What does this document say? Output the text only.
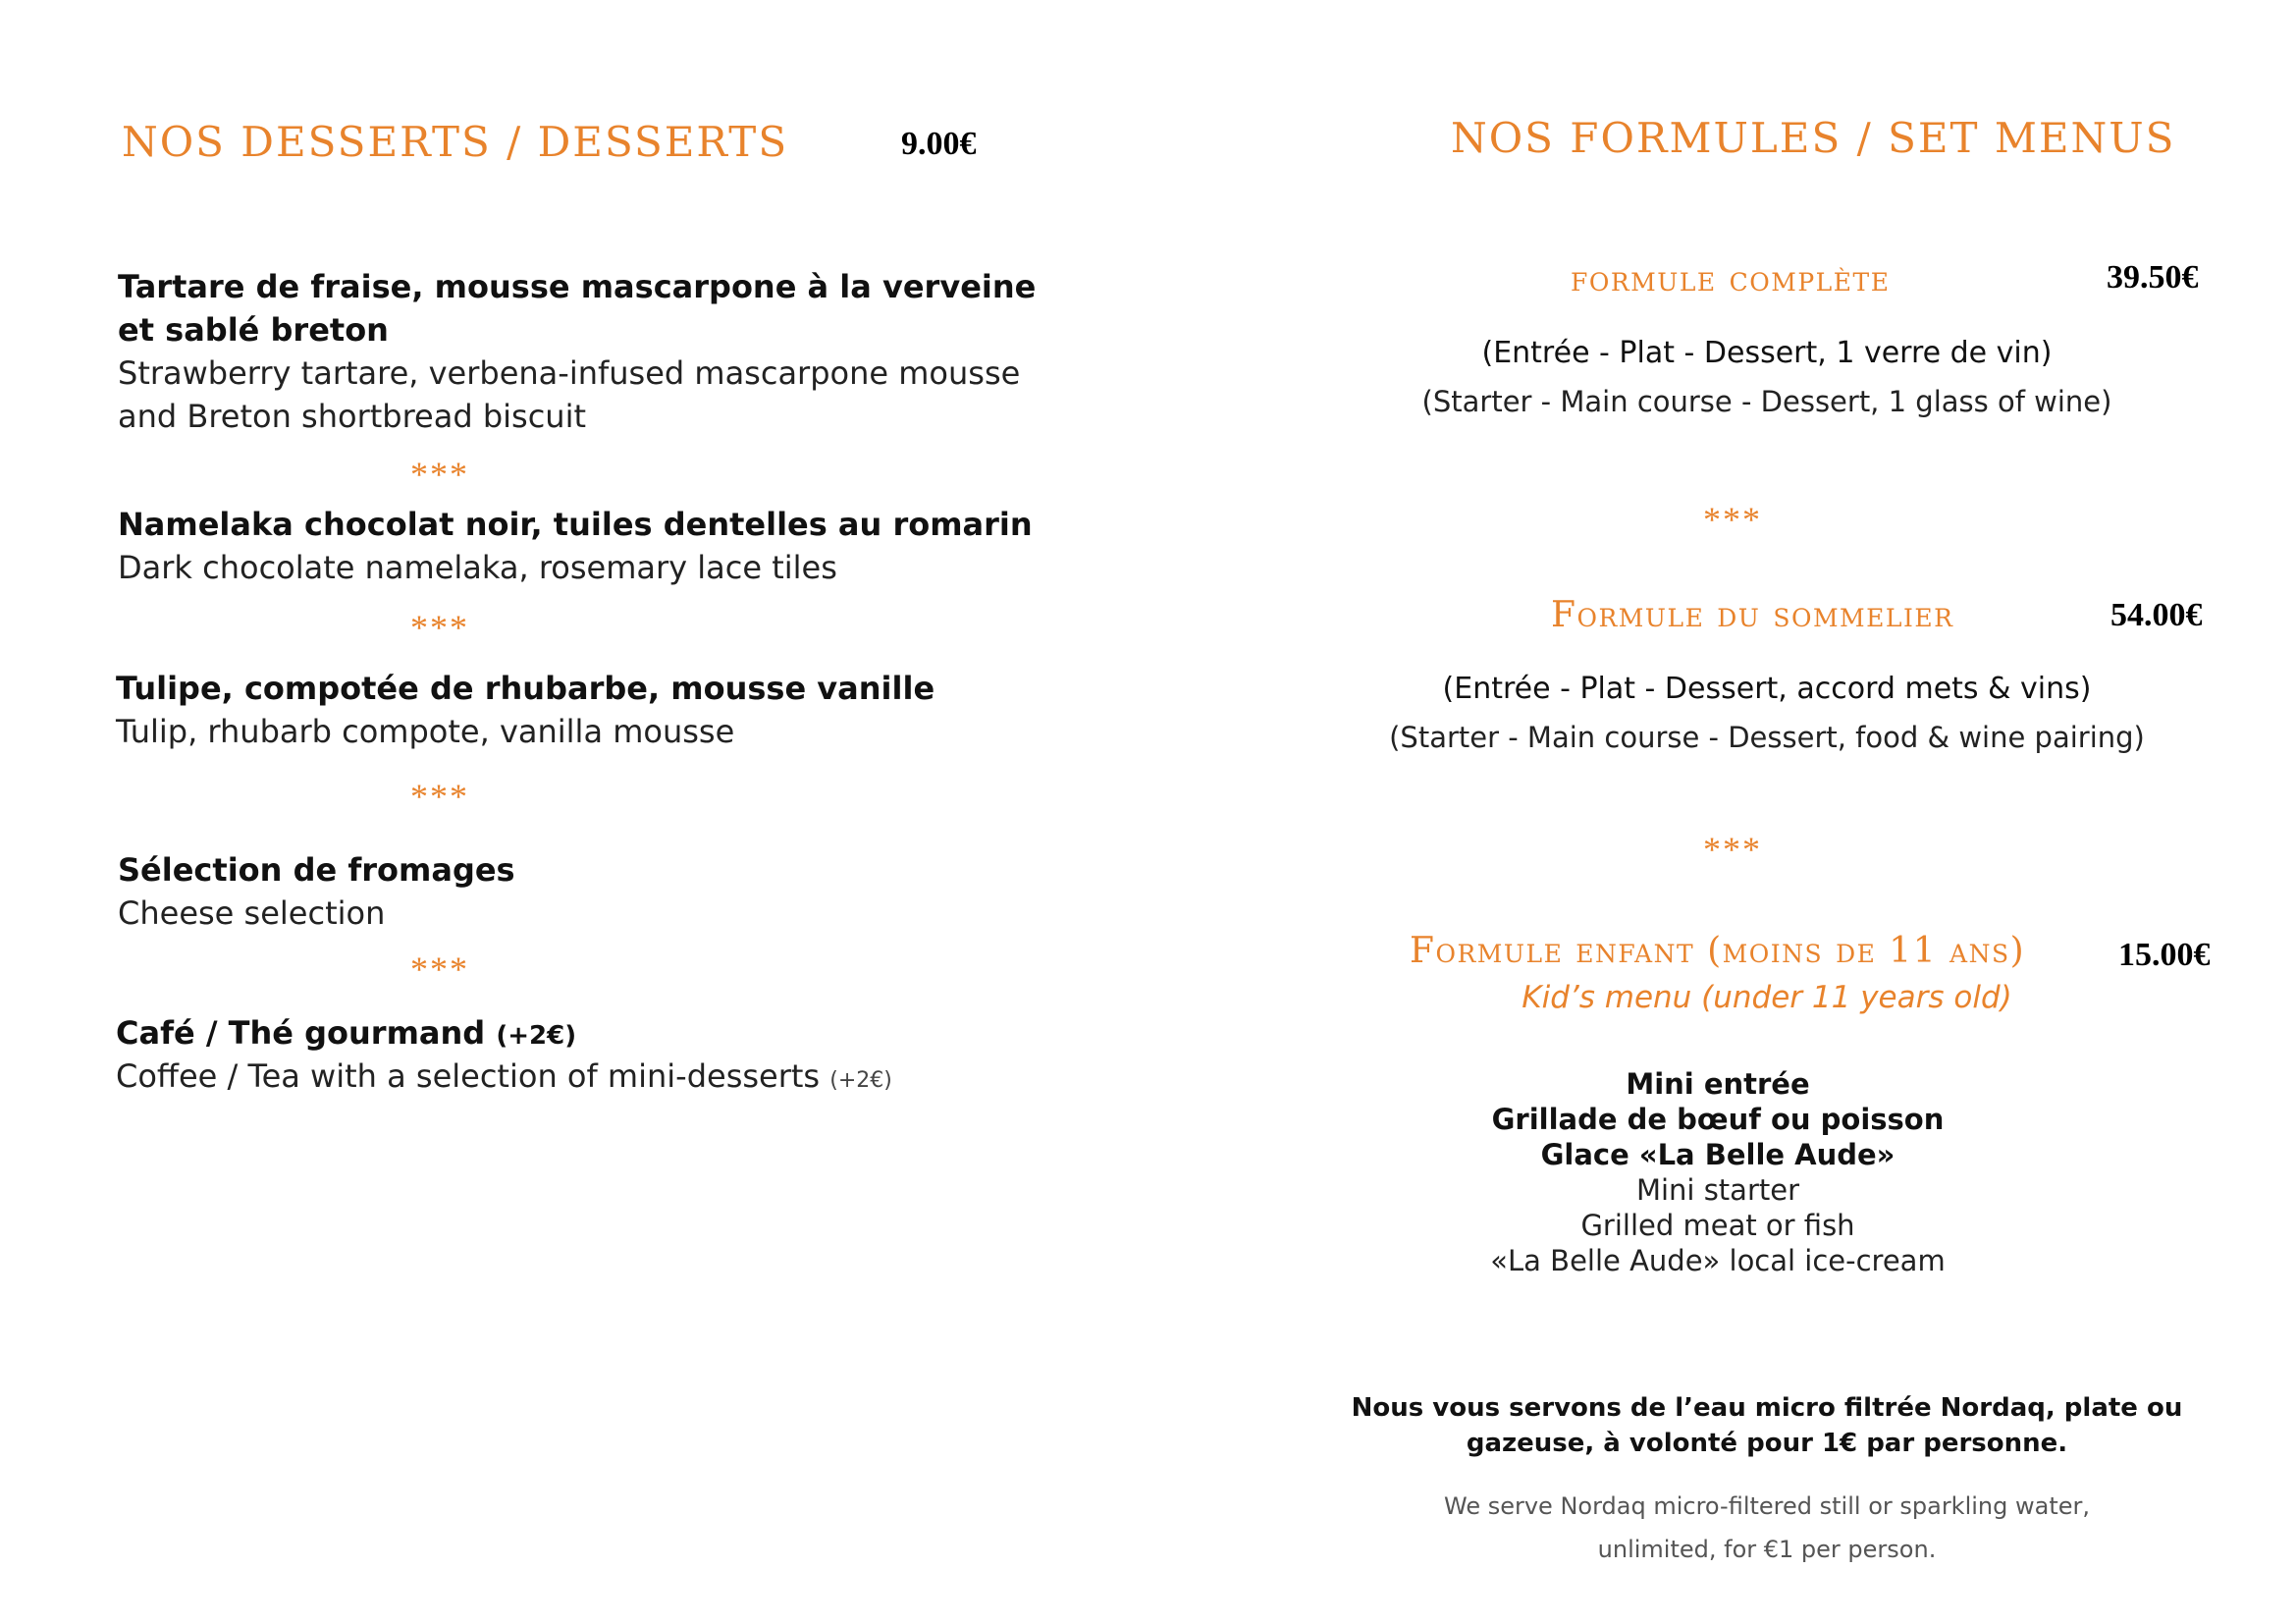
NOS DESSERTS / DESSERTS	9.00€
Tartare de fraise, mousse mascarpone à la verveine
et sablé breton
Strawberry tartare, verbena-infused mascarpone mousse
and Breton shortbread biscuit
***
Namelaka chocolat noir, tuiles dentelles au romarin
Dark chocolate namelaka, rosemary lace tiles
***
Tulipe, compotée de rhubarbe, mousse vanille
Tulip, rhubarb compote, vanilla mousse
***
Sélection de fromages
Cheese selection
***
Café / Thé gourmand (+2€)
Coffee / Tea with a selection of mini-desserts (+2€)
NOS FORMULES / SET MENUS
formule complète	39.50€
(Entrée - Plat - Dessert, 1 verre de vin)
(Starter - Main course - Dessert, 1 glass of wine)
***
Formule du sommelier	54.00€
(Entrée - Plat - Dessert, accord mets & vins)
(Starter - Main course - Dessert, food & wine pairing)
***
Formule enfant (moins de 11 ans)	15.00€
Kid’s menu (under 11 years old)
Mini entrée
Grillade de bœuf ou poisson
Glace «La Belle Aude»
Mini starter
Grilled meat or fish
«La Belle Aude» local ice-cream
Nous vous servons de l’eau micro filtrée Nordaq, plate ou
gazeuse, à volonté pour 1€ par personne.
We serve Nordaq micro-filtered still or sparkling water,
unlimited, for €1 per person.
